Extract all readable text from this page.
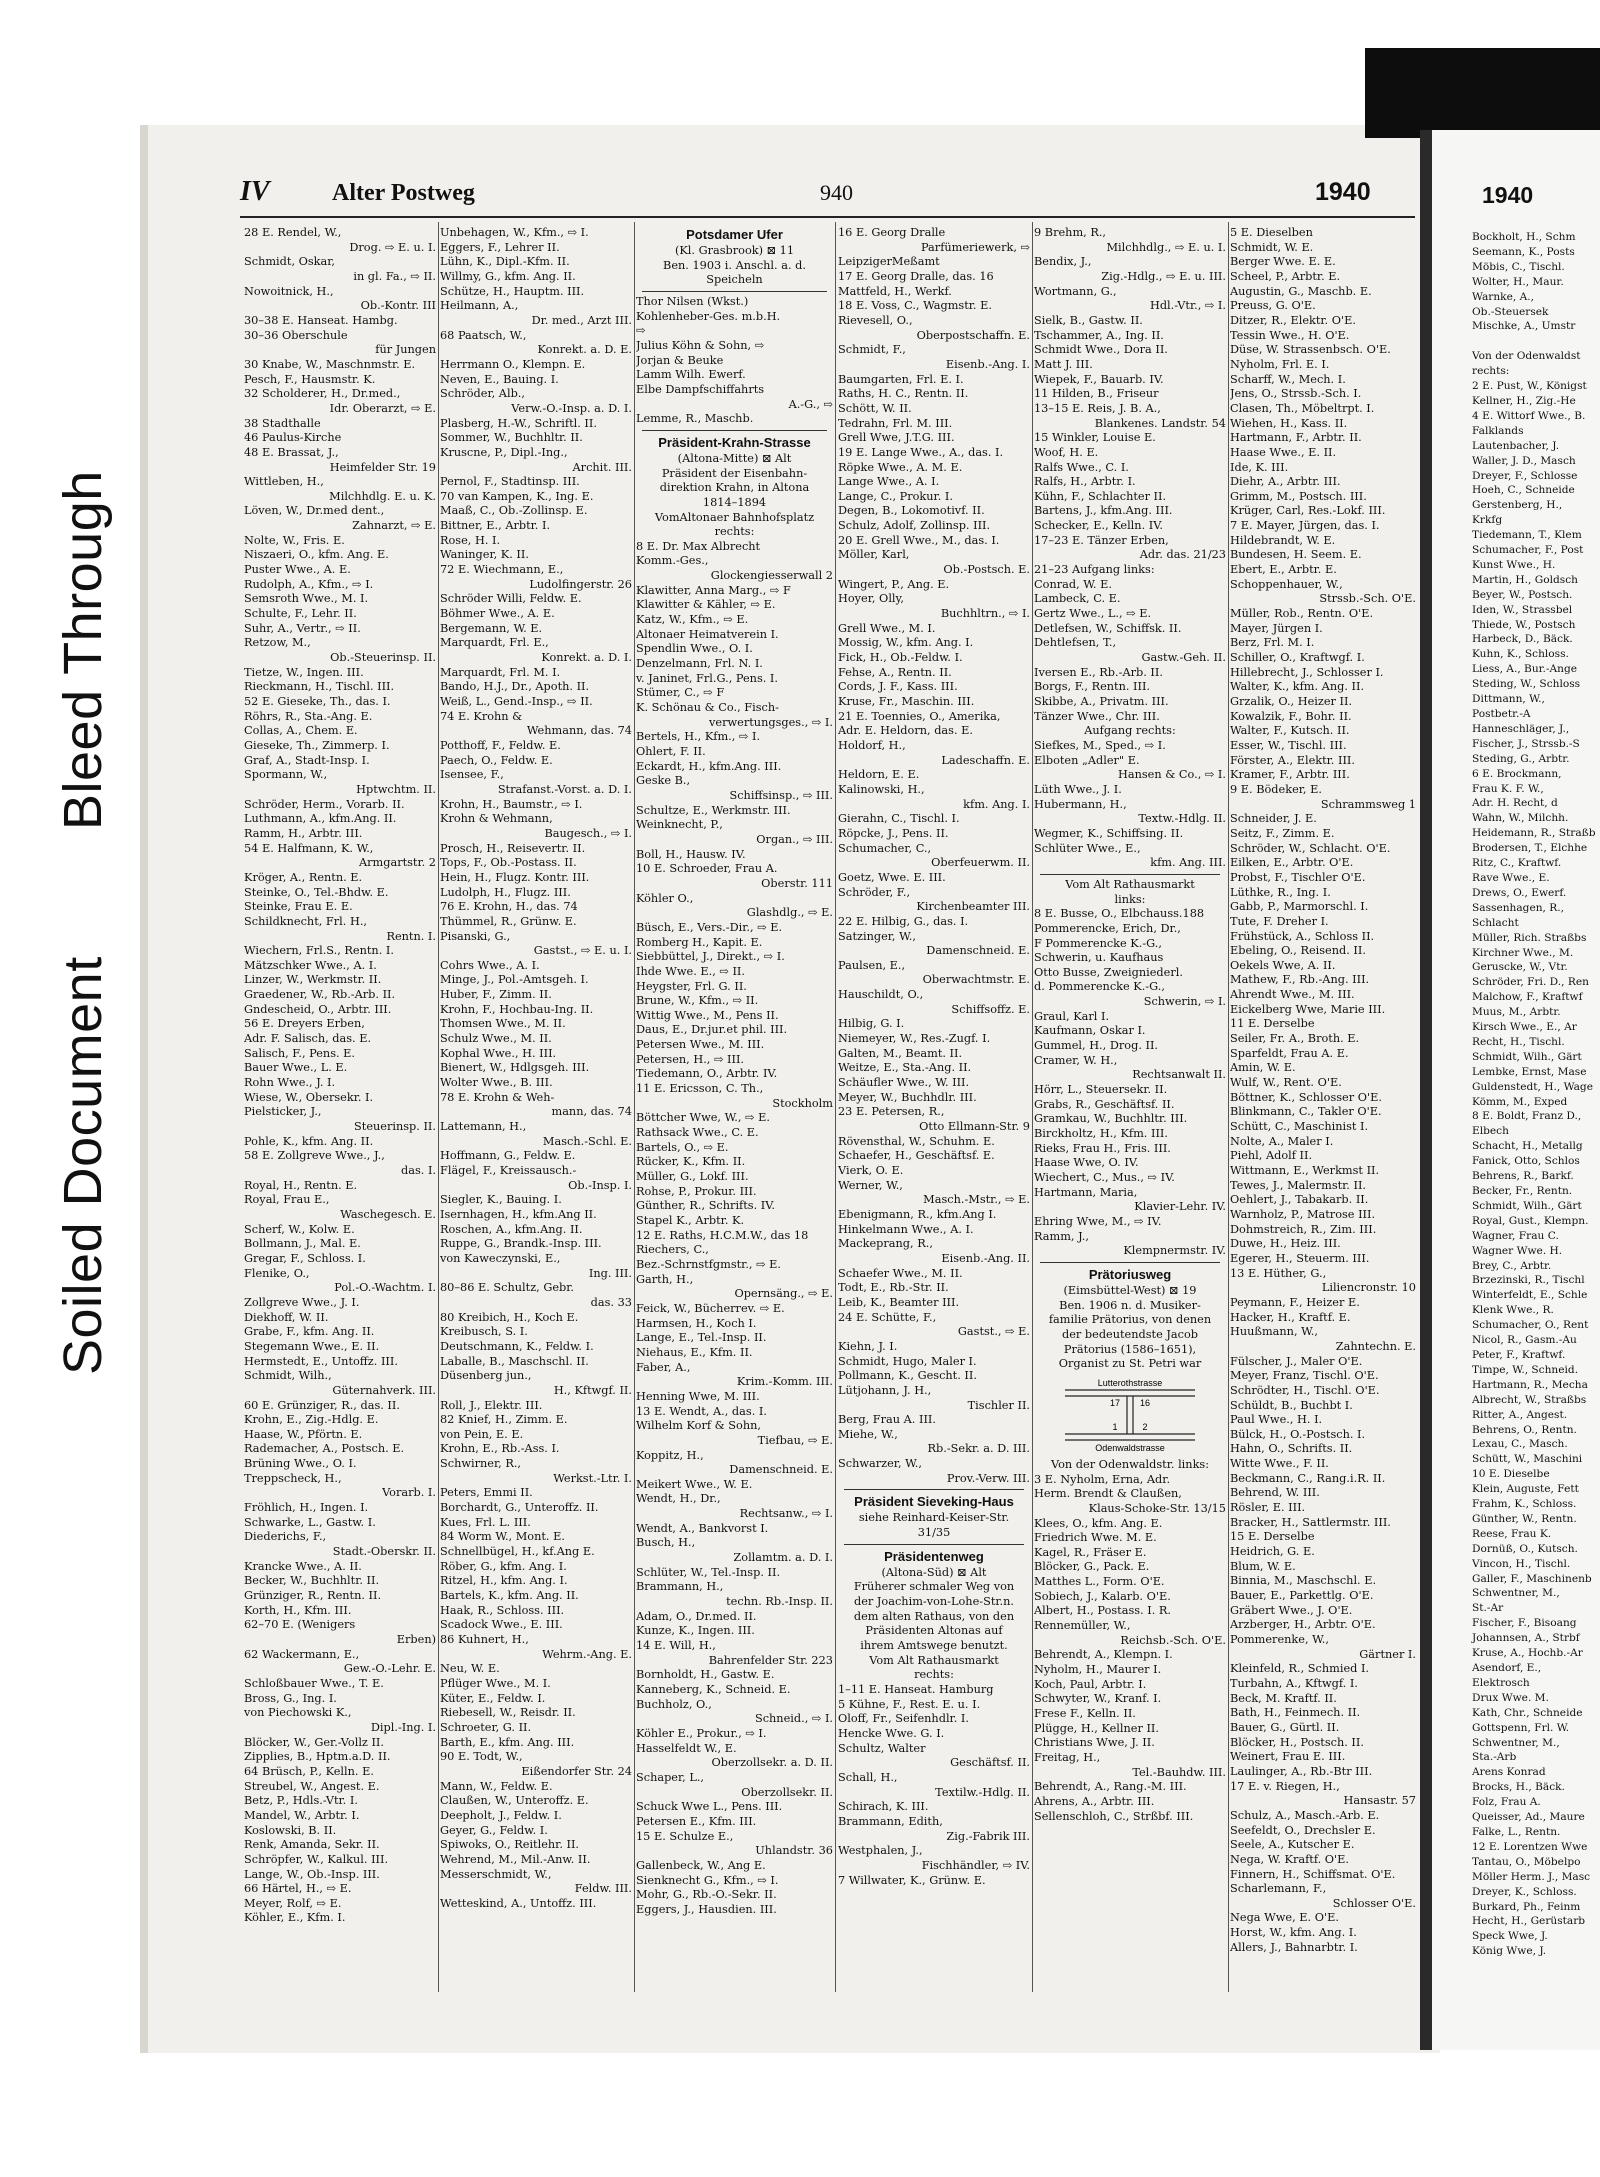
1940
Bockholt, H., Schm
Seemann, K., Posts
Möbis, C., Tischl.
Wolter, H., Maur.
Warnke, A.,
Ob.-Steuersek
Mischke, A., Umstr

Von der Odenwaldst
rechts:
2 E. Pust, W., Königst
Kellner, H., Zig.-He
4 E. Wittorf Wwe., B.
Falklands
Lautenbacher, J.
Waller, J. D., Masch
Dreyer, F., Schlosse
Hoeh, C., Schneide
Gerstenberg, H.,
Krkfg
Tiedemann, T., Klem
Schumacher, F., Post
Kunst Wwe., H.
Martin, H., Goldsch
Beyer, W., Postsch.
Iden, W., Strassbel
Thiede, W., Postsch
Harbeck, D., Bäck.
Kuhn, K., Schloss.
Liess, A., Bur.-Ange
Steding, W., Schloss
Dittmann, W.,
Postbetr.-A
Hanneschläger, J.,
Fischer, J., Strssb.-S
Steding, G., Arbtr.
6 E. Brockmann,
Frau K. F. W.,
Adr. H. Recht, d
Wahn, W., Milchh.
Heidemann, R., Straßb
Brodersen, T., Elchhe
Ritz, C., Kraftwf.
Rave Wwe., E.
Drews, O., Ewerf.
Sassenhagen, R.,
Schlacht
Müller, Rich. Straßbs
Kirchner Wwe., M.
Geruscke, W., Vtr.
Schröder, Fri. D., Ren
Malchow, F., Kraftwf
Muus, M., Arbtr.
Kirsch Wwe., E., Ar
Recht, H., Tischl.
Schmidt, Wilh., Gärt
Lembke, Ernst, Mase
Guldenstedt, H., Wage
Kömm, M., Exped
8 E. Boldt, Franz D.,
Elbech
Schacht, H., Metallg
Fanick, Otto, Schlos
Behrens, R., Barkf.
Becker, Fr., Rentn.
Schmidt, Wilh., Gärt
Royal, Gust., Klempn.
Wagner, Frau C.
Wagner Wwe. H.
Brey, C., Arbtr.
Brzezinski, R., Tischl
Winterfeldt, E., Schle
Klenk Wwe., R.
Schumacher, O., Rent
Nicol, R., Gasm.-Au
Peter, F., Kraftwf.
Timpe, W., Schneid.
Hartmann, R., Mecha
Albrecht, W., Straßbs
Ritter, A., Angest.
Behrens, O., Rentn.
Lexau, C., Masch.
Schütt, W., Maschini
10 E. Dieselbe
Klein, Auguste, Fett
Frahm, K., Schloss.
Günther, W., Rentn.
Reese, Frau K.
Dornüß, O., Kutsch.
Vincon, H., Tischl.
Galler, F., Maschinenb
Schwentner, M.,
St.-Ar
Fischer, F., Bisoang
Johannsen, A., Strbf
Kruse, A., Hochb.-Ar
Asendorf, E.,
Elektrosch
Drux Wwe. M.
Kath, Chr., Schneide
Gottspenn, Frl. W.
Schwentner, M.,
Sta.-Arb
Arens Konrad
Brocks, H., Bäck.
Folz, Frau A.
Queisser, Ad., Maure
Falke, L., Rentn.
12 E. Lorentzen Wwe
Tantau, O., Möbelpo
Möller Herm. J., Masc
Dreyer, K., Schloss.
Burkard, Ph., Feinm
Hecht, H., Gerüstarb
Speck Wwe, J.
König Wwe, J.
Soiled Document
Bleed Through
IV	Alter Postweg	940	1940
28 E. Rendel, W.,
Drog. ⇨ E. u. I.
Schmidt, Oskar,
in gl. Fa., ⇨ II.
Nowoitnick, H.,
Ob.-Kontr. III
30–38 E. Hanseat. Hambg.
30–36 Oberschule
für Jungen
30 Knabe, W., Maschnmstr. E.
Pesch, F., Hausmstr. K.
32 Scholderer, H., Dr.med.,
Idr. Oberarzt, ⇨ E.
38 Stadthalle
46 Paulus-Kirche
48 E. Brassat, J.,
Heimfelder Str. 19
Wittleben, H.,
Milchhdlg. E. u. K.
Löven, W., Dr.med dent.,
Zahnarzt, ⇨ E.
Nolte, W., Fris. E.
Niszaeri, O., kfm. Ang. E.
Puster Wwe., A. E.
Rudolph, A., Kfm., ⇨ I.
Semsroth Wwe., M. I.
Schulte, F., Lehr. II.
Suhr, A., Vertr., ⇨ II.
Retzow, M.,
Ob.-Steuerinsp. II.
Tietze, W., Ingen. III.
Rieckmann, H., Tischl. III.
52 E. Gieseke, Th., das. I.
Röhrs, R., Sta.-Ang. E.
Collas, A., Chem. E.
Gieseke, Th., Zimmerp. I.
Graf, A., Stadt-Insp. I.
Spormann, W.,
Hptwchtm. II.
Schröder, Herm., Vorarb. II.
Luthmann, A., kfm.Ang. II.
Ramm, H., Arbtr. III.
54 E. Halfmann, K. W.,
Armgartstr. 2
Kröger, A., Rentn. E.
Steinke, O., Tel.-Bhdw. E.
Steinke, Frau E. E.
Schildknecht, Frl. H.,
Rentn. I.
Wiechern, Frl.S., Rentn. I.
Mätzschker Wwe., A. I.
Linzer, W., Werkmstr. II.
Graedener, W., Rb.-Arb. II.
Gndescheid, O., Arbtr. III.
56 E. Dreyers Erben,
Adr. F. Salisch, das. E.
Salisch, F., Pens. E.
Bauer Wwe., L. E.
Rohn Wwe., J. I.
Wiese, W., Obersekr. I.
Pielsticker, J.,
Steuerinsp. II.
Pohle, K., kfm. Ang. II.
58 E. Zollgreve Wwe., J.,
das. I.
Royal, H., Rentn. E.
Royal, Frau E.,
Waschegesch. E.
Scherf, W., Kolw. E.
Bollmann, J., Mal. E.
Gregar, F., Schloss. I.
Flenike, O.,
Pol.-O.-Wachtm. I.
Zollgreve Wwe., J. I.
Diekhoff, W. II.
Grabe, F., kfm. Ang. II.
Stegemann Wwe., E. II.
Hermstedt, E., Untoffz. III.
Schmidt, Wilh.,
Güternahverk. III.
60 E. Grünziger, R., das. II.
Krohn, E., Zig.-Hdlg. E.
Haase, W., Pförtn. E.
Rademacher, A., Postsch. E.
Brüning Wwe., O. I.
Treppscheck, H.,
Vorarb. I.
Fröhlich, H., Ingen. I.
Schwarke, L., Gastw. I.
Diederichs, F.,
Stadt.-Oberskr. II.
Krancke Wwe., A. II.
Becker, W., Buchhltr. II.
Grünziger, R., Rentn. II.
Korth, H., Kfm. III.
62–70 E. (Wenigers
Erben)
62 Wackermann, E.,
Gew.-O.-Lehr. E.
Schloßbauer Wwe., T. E.
Bross, G., Ing. I.
von Piechowski K.,
Dipl.-Ing. I.
Blöcker, W., Ger.-Vollz II.
Zipplies, B., Hptm.a.D. II.
64 Brüsch, P., Kelln. E.
Streubel, W., Angest. E.
Betz, P., Hdls.-Vtr. I.
Mandel, W., Arbtr. I.
Koslowski, B. II.
Renk, Amanda, Sekr. II.
Schröpfer, W., Kalkul. III.
Lange, W., Ob.-Insp. III.
66 Härtel, H., ⇨ E.
Meyer, Rolf, ⇨ E.
Köhler, E., Kfm. I.
Unbehagen, W., Kfm., ⇨ I.
Eggers, F., Lehrer II.
Lühn, K., Dipl.-Kfm. II.
Willmy, G., kfm. Ang. II.
Schütze, H., Hauptm. III.
Heilmann, A.,
Dr. med., Arzt III.
68 Paatsch, W.,
Konrekt. a. D. E.
Herrmann O., Klempn. E.
Neven, E., Bauing. I.
Schröder, Alb.,
Verw.-O.-Insp. a. D. I.
Plasberg, H.-W., Schriftl. II.
Sommer, W., Buchhltr. II.
Kruscne, P., Dipl.-Ing.,
Archit. III.
Pernol, F., Stadtinsp. III.
70 van Kampen, K., Ing. E.
Maaß, C., Ob.-Zollinsp. E.
Bittner, E., Arbtr. I.
Rose, H. I.
Waninger, K. II.
72 E. Wiechmann, E.,
Ludolfingerstr. 26
Schröder Willi, Feldw. E.
Böhmer Wwe., A. E.
Bergemann, W. E.
Marquardt, Frl. E.,
Konrekt. a. D. I.
Marquardt, Frl. M. I.
Bando, H.J., Dr., Apoth. II.
Weiß, L., Gend.-Insp., ⇨ II.
74 E. Krohn &
Wehmann, das. 74
Potthoff, F., Feldw. E.
Paech, O., Feldw. E.
Isensee, F.,
Strafanst.-Vorst. a. D. I.
Krohn, H., Baumstr., ⇨ I.
Krohn & Wehmann,
Baugesch., ⇨ I.
Prosch, H., Reisevertr. II.
Tops, F., Ob.-Postass. II.
Hein, H., Flugz. Kontr. III.
Ludolph, H., Flugz. III.
76 E. Krohn, H., das. 74
Thümmel, R., Grünw. E.
Pisanski, G.,
Gastst., ⇨ E. u. I.
Cohrs Wwe., A. I.
Minge, J., Pol.-Amtsgeh. I.
Huber, F., Zimm. II.
Krohn, F., Hochbau-Ing. II.
Thomsen Wwe., M. II.
Schulz Wwe., M. II.
Kophal Wwe., H. III.
Bienert, W., Hdlgsgeh. III.
Wolter Wwe., B. III.
78 E. Krohn & Weh-
mann, das. 74
Lattemann, H.,
Masch.-Schl. E.
Hoffmann, G., Feldw. E.
Flägel, F., Kreissausch.-
Ob.-Insp. I.
Siegler, K., Bauing. I.
Isernhagen, H., kfm.Ang II.
Roschen, A., kfm.Ang. II.
Ruppe, G., Brandk.-Insp. III.
von Kaweczynski, E.,
Ing. III.
80–86 E. Schultz, Gebr.
das. 33
80 Kreibich, H., Koch E.
Kreibusch, S. I.
Deutschmann, K., Feldw. I.
Laballe, B., Maschschl. II.
Düsenberg jun.,
H., Kftwgf. II.
Roll, J., Elektr. III.
82 Knief, H., Zimm. E.
von Pein, E. E.
Krohn, E., Rb.-Ass. I.
Schwirner, R.,
Werkst.-Ltr. I.
Peters, Emmi II.
Borchardt, G., Unteroffz. II.
Kues, Frl. L. III.
84 Worm W., Mont. E.
Schnellbügel, H., kf.Ang E.
Röber, G., kfm. Ang. I.
Ritzel, H., kfm. Ang. I.
Bartels, K., kfm. Ang. II.
Haak, R., Schloss. III.
Scadock Wwe., E. III.
86 Kuhnert, H.,
Wehrm.-Ang. E.
Neu, W. E.
Pflüger Wwe., M. I.
Küter, E., Feldw. I.
Riebesell, W., Reisdr. II.
Schroeter, G. II.
Barth, E., kfm. Ang. III.
90 E. Todt, W.,
Eißendorfer Str. 24
Mann, W., Feldw. E.
Claußen, W., Unteroffz. E.
Deepholt, J., Feldw. I.
Geyer, G., Feldw. I.
Spiwoks, O., Reitlehr. II.
Wehrend, M., Mil.-Anw. II.
Messerschmidt, W.,
Feldw. III.
Wetteskind, A., Untoffz. III.
Potsdamer Ufer
(Kl. Grasbrook) ⊠ 11
Ben. 1903 i. Anschl. a. d.
Speicheln
Thor Nilsen (Wkst.)
Kohlenheber-Ges. m.b.H.
⇨
Julius Köhn & Sohn, ⇨
Jorjan & Beuke
Lamm Wilh. Ewerf.
Elbe Dampfschiffahrts
A.-G., ⇨
Lemme, R., Maschb.
Präsident-Krahn-Strasse
(Altona-Mitte) ⊠ Alt
Präsident der Eisenbahn-
direktion Krahn, in Altona
1814–1894
VomAltonaer Bahnhofsplatz
rechts:
8 E. Dr. Max Albrecht
Komm.-Ges.,
Glockengiesserwall 2
Klawitter, Anna Marg., ⇨ F
Klawitter & Kähler, ⇨ E.
Katz, W., Kfm., ⇨ E.
Altonaer Heimatverein I.
Spendlin Wwe., O. I.
Denzelmann, Frl. N. I.
v. Janinet, Frl.G., Pens. I.
Stümer, C., ⇨ F
K. Schönau & Co., Fisch-
verwertungsges., ⇨ I.
Bertels, H., Kfm., ⇨ I.
Ohlert, F. II.
Eckardt, H., kfm.Ang. III.
Geske B.,
Schiffsinsp., ⇨ III.
Schultze, E., Werkmstr. III.
Weinknecht, P.,
Organ., ⇨ III.
Boll, H., Hausw. IV.
10 E. Schroeder, Frau A.
Oberstr. 111
Köhler O.,
Glashdlg., ⇨ E.
Büsch, E., Vers.-Dir., ⇨ E.
Romberg H., Kapit. E.
Siebbüttel, J., Direkt., ⇨ I.
Ihde Wwe. E., ⇨ II.
Heygster, Frl. G. II.
Brune, W., Kfm., ⇨ II.
Wittig Wwe., M., Pens II.
Daus, E., Dr.jur.et phil. III.
Petersen Wwe., M. III.
Petersen, H., ⇨ III.
Tiedemann, O., Arbtr. IV.
11 E. Ericsson, C. Th.,
Stockholm
Böttcher Wwe, W., ⇨ E.
Rathsack Wwe., C. E.
Bartels, O., ⇨ E.
Rücker, K., Kfm. II.
Müller, G., Lokf. III.
Rohse, P., Prokur. III.
Günther, R., Schrifts. IV.
Stapel K., Arbtr. K.
12 E. Raths, H.C.M.W., das 18
Riechers, C.,
Bez.-Schrnstfgmstr., ⇨ E.
Garth, H.,
Opernsäng., ⇨ E.
Feick, W., Bücherrev. ⇨ E.
Harmsen, H., Koch I.
Lange, E., Tel.-Insp. II.
Niehaus, E., Kfm. II.
Faber, A.,
Krim.-Komm. III.
Henning Wwe, M. III.
13 E. Wendt, A., das. I.
Wilhelm Korf & Sohn,
Tiefbau, ⇨ E.
Koppitz, H.,
Damenschneid. E.
Meikert Wwe., W. E.
Wendt, H., Dr.,
Rechtsanw., ⇨ I.
Wendt, A., Bankvorst I.
Busch, H.,
Zollamtm. a. D. I.
Schlüter, W., Tel.-Insp. II.
Brammann, H.,
techn. Rb.-Insp. II.
Adam, O., Dr.med. II.
Kunze, K., Ingen. III.
14 E. Will, H.,
Bahrenfelder Str. 223
Bornholdt, H., Gastw. E.
Kanneberg, K., Schneid. E.
Buchholz, O.,
Schneid., ⇨ I.
Köhler E., Prokur., ⇨ I.
Hasselfeldt W., E.
Oberzollsekr. a. D. II.
Schaper, L.,
Oberzollsekr. II.
Schuck Wwe L., Pens. III.
Petersen E., Kfm. III.
15 E. Schulze E.,
Uhlandstr. 36
Gallenbeck, W., Ang E.
Sienknecht G., Kfm., ⇨ I.
Mohr, G., Rb.-O.-Sekr. II.
Eggers, J., Hausdien. III.
16 E. Georg Dralle
Parfümeriewerk, ⇨
LeipzigerMeßamt
17 E. Georg Dralle, das. 16
Mattfeld, H., Werkf.
18 E. Voss, C., Wagmstr. E.
Rievesell, O.,
Oberpostschaffn. E.
Schmidt, F.,
Eisenb.-Ang. I.
Baumgarten, Frl. E. I.
Raths, H. C., Rentn. II.
Schött, W. II.
Tedrahn, Frl. M. III.
Grell Wwe, J.T.G. III.
19 E. Lange Wwe., A., das. I.
Röpke Wwe., A. M. E.
Lange Wwe., A. I.
Lange, C., Prokur. I.
Degen, B., Lokomotivf. II.
Schulz, Adolf, Zollinsp. III.
20 E. Grell Wwe., M., das. I.
Möller, Karl,
Ob.-Postsch. E.
Wingert, P., Ang. E.
Hoyer, Olly,
Buchhltrn., ⇨ I.
Grell Wwe., M. I.
Mossig, W., kfm. Ang. I.
Fick, H., Ob.-Feldw. I.
Fehse, A., Rentn. II.
Cords, J. F., Kass. III.
Kruse, Fr., Maschin. III.
21 E. Toennies, O., Amerika,
Adr. E. Heldorn, das. E.
Holdorf, H.,
Ladeschaffn. E.
Heldorn, E. E.
Kalinowski, H.,
kfm. Ang. I.
Gierahn, C., Tischl. I.
Röpcke, J., Pens. II.
Schumacher, C.,
Oberfeuerwm. II.
Goetz, Wwe. E. III.
Schröder, F.,
Kirchenbeamter III.
22 E. Hilbig, G., das. I.
Satzinger, W.,
Damenschneid. E.
Paulsen, E.,
Oberwachtmstr. E.
Hauschildt, O.,
Schiffsoffz. E.
Hilbig, G. I.
Niemeyer, W., Res.-Zugf. I.
Galten, M., Beamt. II.
Weitze, E., Sta.-Ang. II.
Schäufler Wwe., W. III.
Meyer, W., Buchhdlr. III.
23 E. Petersen, R.,
Otto Ellmann-Str. 9
Rövensthal, W., Schuhm. E.
Schaefer, H., Geschäftsf. E.
Vierk, O. E.
Werner, W.,
Masch.-Mstr., ⇨ E.
Ebenigmann, R., kfm.Ang I.
Hinkelmann Wwe., A. I.
Mackeprang, R.,
Eisenb.-Ang. II.
Schaefer Wwe., M. II.
Todt, E., Rb.-Str. II.
Leib, K., Beamter III.
24 E. Schütte, F.,
Gastst., ⇨ E.
Kiehn, J. I.
Schmidt, Hugo, Maler I.
Pollmann, K., Gescht. II.
Lütjohann, J. H.,
Tischler II.
Berg, Frau A. III.
Miehe, W.,
Rb.-Sekr. a. D. III.
Schwarzer, W.,
Prov.-Verw. III.
Präsident Sieveking-Haus
siehe Reinhard-Keiser-Str.
31/35
Präsidentenweg
(Altona-Süd) ⊠ Alt
Früherer schmaler Weg von
der Joachim-von-Lohe-Str.n.
dem alten Rathaus, von den
Präsidenten Altonas auf
ihrem Amtswege benutzt.
Vom Alt Rathausmarkt
rechts:
1–11 E. Hanseat. Hamburg
5 Kühne, F., Rest. E. u. I.
Oloff, Fr., Seifenhdlr. I.
Hencke Wwe. G. I.
Schultz, Walter
Geschäftsf. II.
Schall, H.,
Textilw.-Hdlg. II.
Schirach, K. III.
Brammann, Edith,
Zig.-Fabrik III.
Westphalen, J.,
Fischhändler, ⇨ IV.
7 Willwater, K., Grünw. E.
9 Brehm, R.,
Milchhdlg., ⇨ E. u. I.
Bendix, J.,
Zig.-Hdlg., ⇨ E. u. III.
Wortmann, G.,
Hdl.-Vtr., ⇨ I.
Sielk, B., Gastw. II.
Tschammer, A., Ing. II.
Schmidt Wwe., Dora II.
Matt J. III.
Wiepek, F., Bauarb. IV.
11 Hilden, B., Friseur
13–15 E. Reis, J. B. A.,
Blankenes. Landstr. 54
15 Winkler, Louise E.
Woof, H. E.
Ralfs Wwe., C. I.
Ralfs, H., Arbtr. I.
Kühn, F., Schlachter II.
Bartens, J., kfm.Ang. III.
Schecker, E., Kelln. IV.
17–23 E. Tänzer Erben,
Adr. das. 21/23
21–23 Aufgang links:
Conrad, W. E.
Lambeck, C. E.
Gertz Wwe., L., ⇨ E.
Detlefsen, W., Schiffsk. II.
Dehtlefsen, T.,
Gastw.-Geh. II.
Iversen E., Rb.-Arb. II.
Borgs, F., Rentn. III.
Skibbe, A., Privatm. III.
Tänzer Wwe., Chr. III.
Aufgang rechts:
Siefkes, M., Sped., ⇨ I.
Elboten „Adler" E.
Hansen & Co., ⇨ I.
Lüth Wwe., J. I.
Hubermann, H.,
Textw.-Hdlg. II.
Wegmer, K., Schiffsing. II.
Schlüter Wwe., E.,
kfm. Ang. III.
Vom Alt Rathausmarkt
links:
8 E. Busse, O., Elbchauss.188
Pommerencke, Erich, Dr.,
F Pommerencke K.-G.,
Schwerin, u. Kaufhaus
Otto Busse, Zweigniederl.
d. Pommerencke K.-G.,
Schwerin, ⇨ I.
Graul, Karl I.
Kaufmann, Oskar I.
Gummel, H., Drog. II.
Cramer, W. H.,
Rechtsanwalt II.
Hörr, L., Steuersekr. II.
Grabs, R., Geschäftsf. II.
Gramkau, W., Buchhltr. III.
Birckholtz, H., Kfm. III.
Rieks, Frau H., Fris. III.
Haase Wwe, O. IV.
Wiechert, C., Mus., ⇨ IV.
Hartmann, Maria,
Klavier-Lehr. IV.
Ehring Wwe, M., ⇨ IV.
Ramm, J.,
Klempnermstr. IV.
Prätoriusweg
(Eimsbüttel-West) ⊠ 19
Ben. 1906 n. d. Musiker-
familie Prätorius, von denen
der bedeutendste Jacob
Prätorius (1586–1651),
Organist zu St. Petri war
Lutterothstrasse
Odenwaldstrasse
17 16
2
1
Von der Odenwaldstr. links:
3 E. Nyholm, Erna, Adr.
Herm. Brendt & Claußen,
Klaus-Schoke-Str. 13/15
Klees, O., kfm. Ang. E.
Friedrich Wwe. M. E.
Kagel, R., Fräser E.
Blöcker, G., Pack. E.
Matthes L., Form. O'E.
Sobiech, J., Kalarb. O'E.
Albert, H., Postass. I. R.
Rennemüller, W.,
Reichsb.-Sch. O'E.
Behrendt, A., Klempn. I.
Nyholm, H., Maurer I.
Koch, Paul, Arbtr. I.
Schwyter, W., Kranf. I.
Frese F., Kelln. II.
Plügge, H., Kellner II.
Christians Wwe, J. II.
Freitag, H.,
Tel.-Bauhdw. III.
Behrendt, A., Rang.-M. III.
Ahrens, A., Arbtr. III.
Sellenschloh, C., Strßbf. III.
5 E. Dieselben
Schmidt, W. E.
Berger Wwe. E. E.
Scheel, P., Arbtr. E.
Augustin, G., Maschb. E.
Preuss, G. O'E.
Ditzer, R., Elektr. O'E.
Tessin Wwe., H. O'E.
Düse, W. Strassenbsch. O'E.
Nyholm, Frl. E. I.
Scharff, W., Mech. I.
Jens, O., Strssb.-Sch. I.
Clasen, Th., Möbeltrpt. I.
Wiehen, H., Kass. II.
Hartmann, F., Arbtr. II.
Haase Wwe., E. II.
Ide, K. III.
Diehr, A., Arbtr. III.
Grimm, M., Postsch. III.
Krüger, Carl, Res.-Lokf. III.
7 E. Mayer, Jürgen, das. I.
Hildebrandt, W. E.
Bundesen, H. Seem. E.
Ebert, E., Arbtr. E.
Schoppenhauer, W.,
Strssb.-Sch. O'E.
Müller, Rob., Rentn. O'E.
Mayer, Jürgen I.
Berz, Frl. M. I.
Schiller, O., Kraftwgf. I.
Hillebrecht, J., Schlosser I.
Walter, K., kfm. Ang. II.
Grzalik, O., Heizer II.
Kowalzik, F., Bohr. II.
Walter, F., Kutsch. II.
Esser, W., Tischl. III.
Förster, A., Elektr. III.
Kramer, F., Arbtr. III.
9 E. Bödeker, E.
Schrammsweg 1
Schneider, J. E.
Seitz, F., Zimm. E.
Schröder, W., Schlacht. O'E.
Eilken, E., Arbtr. O'E.
Probst, F., Tischler O'E.
Lüthke, R., Ing. I.
Gabb, P., Marmorschl. I.
Tute, F. Dreher I.
Frühstück, A., Schloss II.
Ebeling, O., Reisend. II.
Oekels Wwe, A. II.
Mathew, F., Rb.-Ang. III.
Ahrendt Wwe., M. III.
Eickelberg Wwe, Marie III.
11 E. Derselbe
Seiler, Fr. A., Broth. E.
Sparfeldt, Frau A. E.
Amin, W. E.
Wulf, W., Rent. O'E.
Böttner, K., Schlosser O'E.
Blinkmann, C., Takler O'E.
Schütt, C., Maschinist I.
Nolte, A., Maler I.
Piehl, Adolf II.
Wittmann, E., Werkmst II.
Tewes, J., Malermstr. II.
Oehlert, J., Tabakarb. II.
Warnholz, P., Matrose III.
Dohmstreich, R., Zim. III.
Duwe, H., Heiz. III.
Egerer, H., Steuerm. III.
13 E. Hüther, G.,
Liliencronstr. 10
Peymann, F., Heizer E.
Hacker, H., Kraftf. E.
Huußmann, W.,
Zahntechn. E.
Fülscher, J., Maler O'E.
Meyer, Franz, Tischl. O'E.
Schrödter, H., Tischl. O'E.
Schüldt, B., Buchbt I.
Paul Wwe., H. I.
Bülck, H., O.-Postsch. I.
Hahn, O., Schrifts. II.
Witte Wwe., F. II.
Beckmann, C., Rang.i.R. II.
Behrend, W. III.
Rösler, E. III.
Bracker, H., Sattlermstr. III.
15 E. Derselbe
Heidrich, G. E.
Blum, W. E.
Binnia, M., Maschschl. E.
Bauer, E., Parkettlg. O'E.
Gräbert Wwe., J. O'E.
Arzberger, H., Arbtr. O'E.
Pommerenke, W.,
Gärtner I.
Kleinfeld, R., Schmied I.
Turbahn, A., Kftwgf. I.
Beck, M. Kraftf. II.
Bath, H., Feinmech. II.
Bauer, G., Gürtl. II.
Blöcker, H., Postsch. II.
Weinert, Frau E. III.
Laulinger, A., Rb.-Btr III.
17 E. v. Riegen, H.,
Hansastr. 57
Schulz, A., Masch.-Arb. E.
Seefeldt, O., Drechsler E.
Seele, A., Kutscher E.
Nega, W. Kraftf. O'E.
Finnern, H., Schiffsmat. O'E.
Scharlemann, F.,
Schlosser O'E.
Nega Wwe, E. O'E.
Horst, W., kfm. Ang. I.
Allers, J., Bahnarbtr. I.
